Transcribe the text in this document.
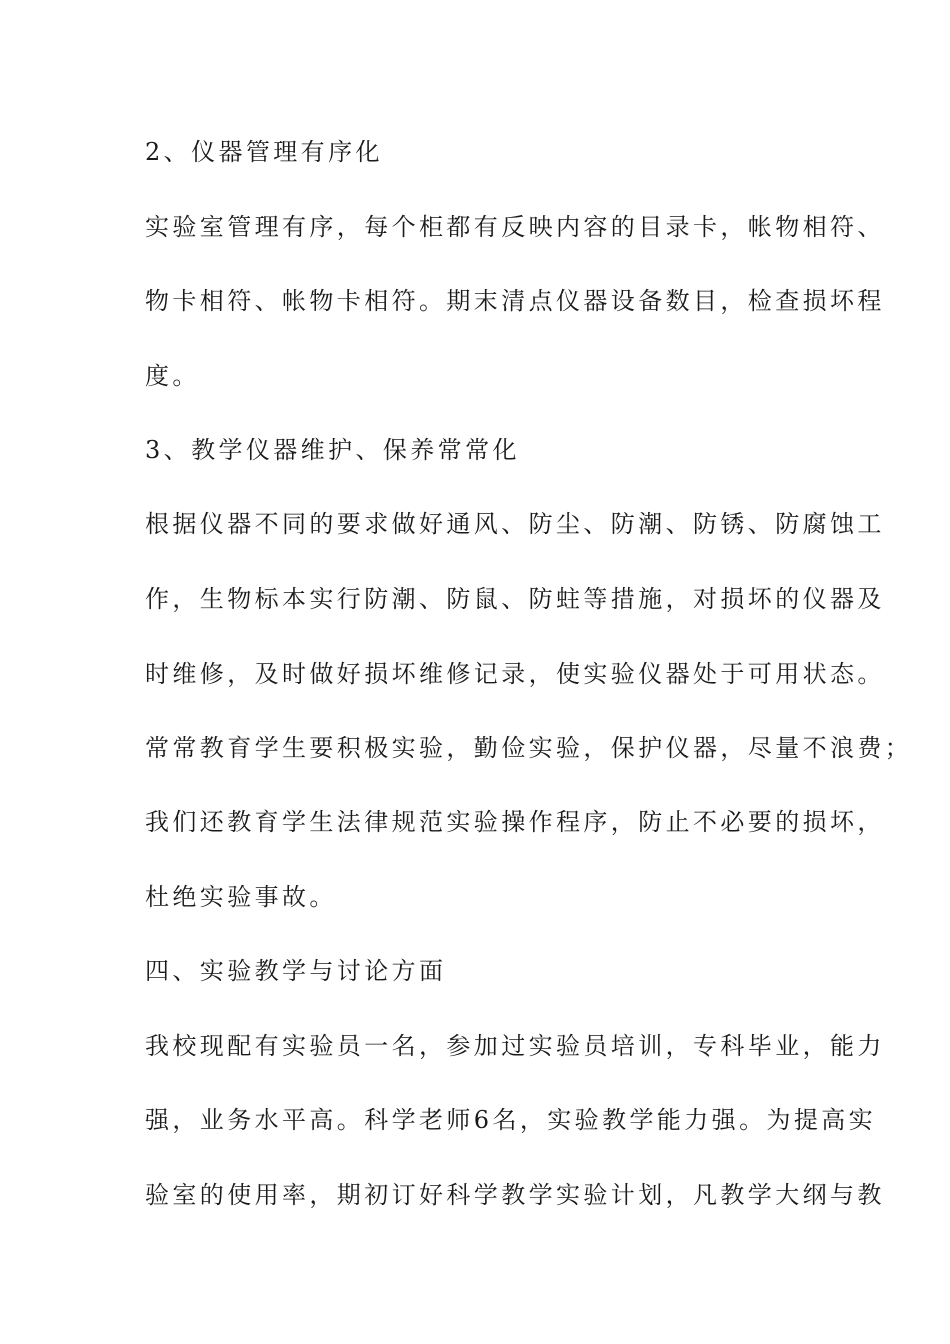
2、仪器管理有序化
实验室管理有序，每个柜都有反映内容的目录卡，帐物相符、
物卡相符、帐物卡相符。期末清点仪器设备数目，检查损坏程
度。
3、教学仪器维护、保养常常化
根据仪器不同的要求做好通风、防尘、防潮、防锈、防腐蚀工
作，生物标本实行防潮、防鼠、防蛀等措施，对损坏的仪器及
时维修，及时做好损坏维修记录，使实验仪器处于可用状态。
常常教育学生要积极实验，勤俭实验，保护仪器，尽量不浪费；
我们还教育学生法律规范实验操作程序，防止不必要的损坏，
杜绝实验事故。
四、实验教学与讨论方面
我校现配有实验员一名，参加过实验员培训，专科毕业，能力
强，业务水平高。科学老师6名，实验教学能力强。为提高实
验室的使用率，期初订好科学教学实验计划，凡教学大纲与教
